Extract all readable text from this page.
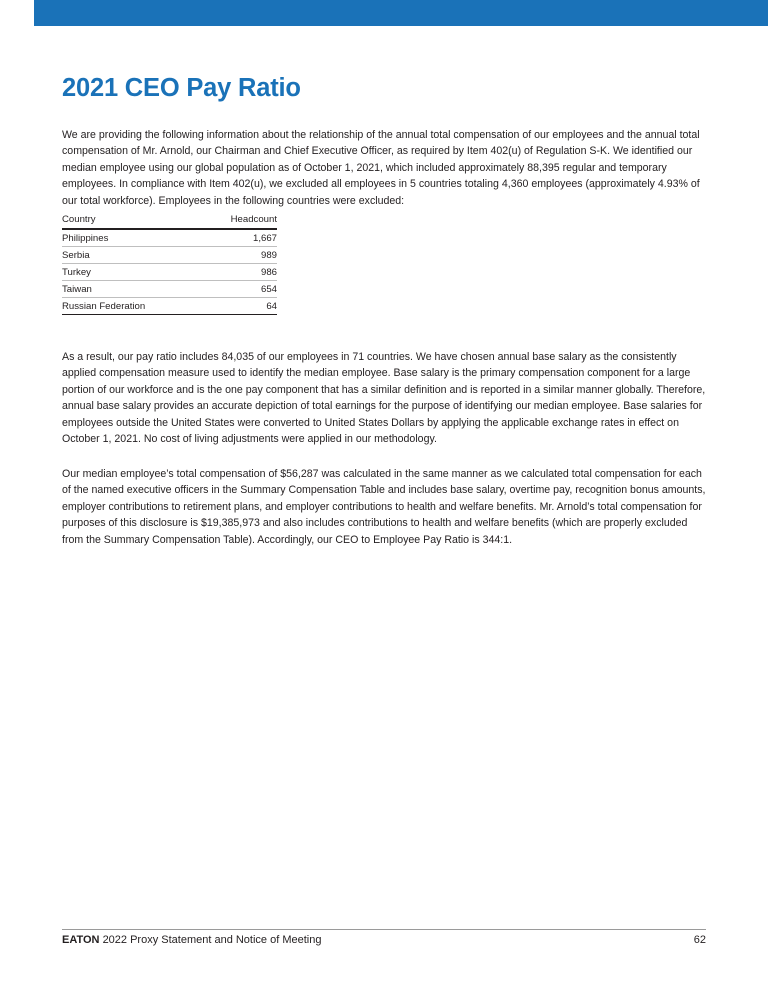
2021 CEO Pay Ratio

We are providing the following information about the relationship of the annual total compensation of our employees and the annual total compensation of Mr. Arnold, our Chairman and Chief Executive Officer, as required by Item 402(u) of Regulation S-K. We identified our median employee using our global population as of October 1, 2021, which included approximately 88,395 regular and temporary employees. In compliance with Item 402(u), we excluded all employees in 5 countries totaling 4,360 employees (approximately 4.93% of our total workforce). Employees in the following countries were excluded:

Country	Headcount
Philippines	1,667
Serbia	989
Turkey	986
Taiwan	654
Russian Federation	64

As a result, our pay ratio includes 84,035 of our employees in 71 countries. We have chosen annual base salary as the consistently applied compensation measure used to identify the median employee. Base salary is the primary compensation component for a large portion of our workforce and is the one pay component that has a similar definition and is reported in a similar manner globally. Therefore, annual base salary provides an accurate depiction of total earnings for the purpose of identifying our median employee. Base salaries for employees outside the United States were converted to United States Dollars by applying the applicable exchange rates in effect on October 1, 2021. No cost of living adjustments were applied in our methodology.

Our median employee’s total compensation of $56,287 was calculated in the same manner as we calculated total compensation for each of the named executive officers in the Summary Compensation Table and includes base salary, overtime pay, recognition bonus amounts, employer contributions to retirement plans, and employer contributions to health and welfare benefits. Mr. Arnold’s total compensation for purposes of this disclosure is $19,385,973 and also includes contributions to health and welfare benefits (which are properly excluded from the Summary Compensation Table). Accordingly, our CEO to Employee Pay Ratio is 344:1.

EATON 2022 Proxy Statement and Notice of Meeting	62
